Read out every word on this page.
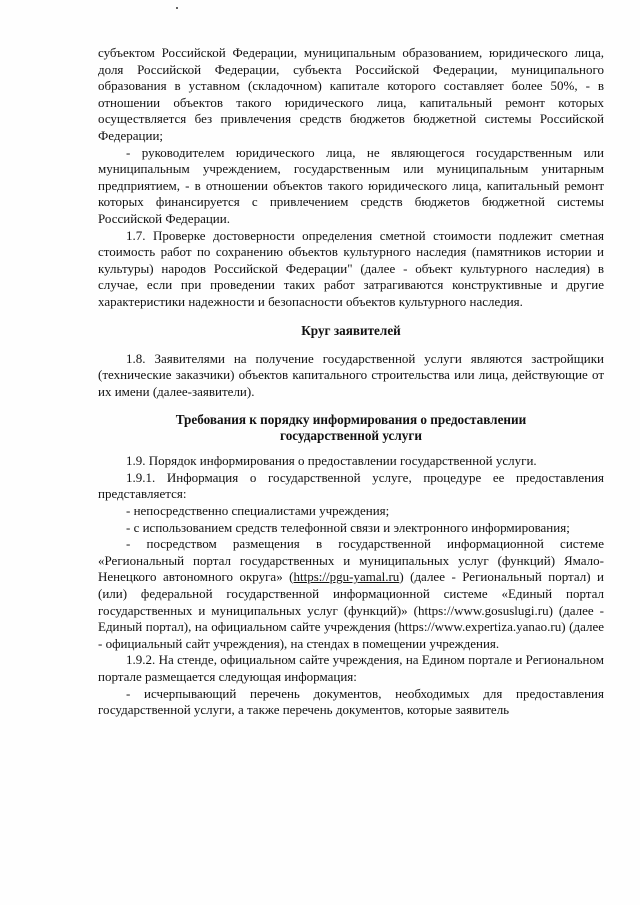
субъектом Российской Федерации, муниципальным образованием, юридического лица, доля Российской Федерации, субъекта Российской Федерации, муниципального образования в уставном (складочном) капитале которого составляет более 50%, - в отношении объектов такого юридического лица, капитальный ремонт которых осуществляется без привлечения средств бюджетов бюджетной системы Российской Федерации;

- руководителем юридического лица, не являющегося государственным или муниципальным учреждением, государственным или муниципальным унитарным предприятием, - в отношении объектов такого юридического лица, капитальный ремонт которых финансируется с привлечением средств бюджетов бюджетной системы Российской Федерации.

1.7. Проверке достоверности определения сметной стоимости подлежит сметная стоимость работ по сохранению объектов культурного наследия (памятников истории и культуры) народов Российской Федерации" (далее - объект культурного наследия) в случае, если при проведении таких работ затрагиваются конструктивные и другие характеристики надежности и безопасности объектов культурного наследия.

Круг заявителей

1.8. Заявителями на получение государственной услуги являются застройщики (технические заказчики) объектов капитального строительства или лица, действующие от их имени (далее-заявители).

Требования к порядку информирования о предоставлении
государственной услуги

1.9. Порядок информирования о предоставлении государственной услуги.

1.9.1. Информация о государственной услуге, процедуре ее предоставления представляется:

- непосредственно специалистами учреждения;

- с использованием средств телефонной связи и электронного информирования;

- посредством размещения в государственной информационной системе «Региональный портал государственных и муниципальных услуг (функций) Ямало-Ненецкого автономного округа» (https://pgu-yamal.ru) (далее - Региональный портал) и (или) федеральной государственной информационной системе «Единый портал государственных и муниципальных услуг (функций)» (https://www.gosuslugi.ru) (далее - Единый портал), на официальном сайте учреждения (https://www.expertiza.yanao.ru) (далее - официальный сайт учреждения), на стендах в помещении учреждения.

1.9.2. На стенде, официальном сайте учреждения, на Едином портале и Региональном портале размещается следующая информация:

- исчерпывающий перечень документов, необходимых для предоставления государственной услуги, а также перечень документов, которые заявитель
